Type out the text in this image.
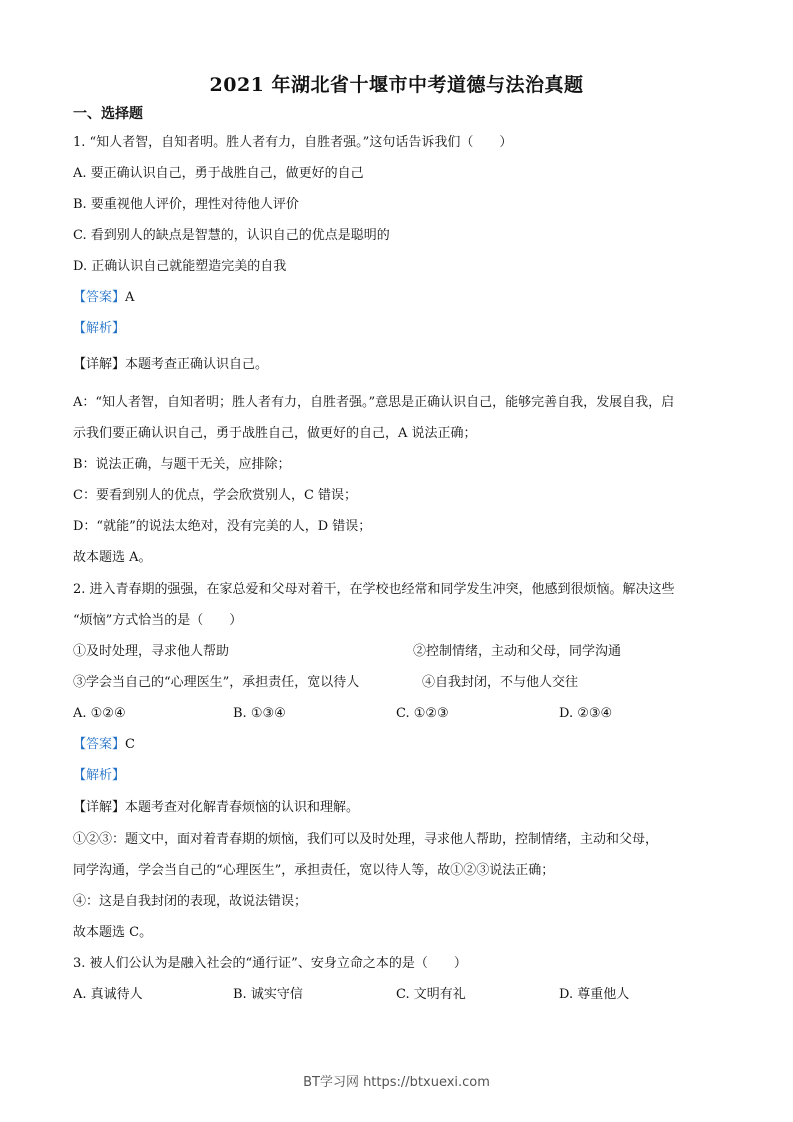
2021 年湖北省十堰市中考道德与法治真题
一、选择题
1. “知人者智，自知者明。胜人者有力，自胜者强。”这句话告诉我们（　　）
A. 要正确认识自己，勇于战胜自己，做更好的自己
B. 要重视他人评价，理性对待他人评价
C. 看到别人的缺点是智慧的，认识自己的优点是聪明的
D. 正确认识自己就能塑造完美的自我
【答案】A
【解析】
【详解】本题考查正确认识自己。
A：“知人者智，自知者明；胜人者有力，自胜者强。”意思是正确认识自己，能够完善自我，发展自我，启
示我们要正确认识自己，勇于战胜自己，做更好的自己，A 说法正确；
B：说法正确，与题干无关，应排除；
C：要看到别人的优点，学会欣赏别人，C 错误；
D：“就能”的说法太绝对，没有完美的人，D 错误；
故本题选 A。
2. 进入青春期的强强，在家总爱和父母对着干，在学校也经常和同学发生冲突，他感到很烦恼。解决这些
“烦恼”方式恰当的是（　　）
①及时处理，寻求他人帮助	②控制情绪，主动和父母，同学沟通
③学会当自己的“心理医生”，承担责任，宽以待人	④自我封闭，不与他人交往
A. ①②④	B. ①③④	C. ①②③	D. ②③④
【答案】C
【解析】
【详解】本题考查对化解青春烦恼的认识和理解。
①②③：题文中，面对着青春期的烦恼，我们可以及时处理，寻求他人帮助，控制情绪，主动和父母，
同学沟通，学会当自己的“心理医生”，承担责任，宽以待人等，故①②③说法正确；
④：这是自我封闭的表现，故说法错误；
故本题选 C。
3. 被人们公认为是融入社会的“通行证”、安身立命之本的是（　　）
A. 真诚待人	B. 诚实守信	C. 文明有礼	D. 尊重他人
BT学习网 https://btxuexi.com
